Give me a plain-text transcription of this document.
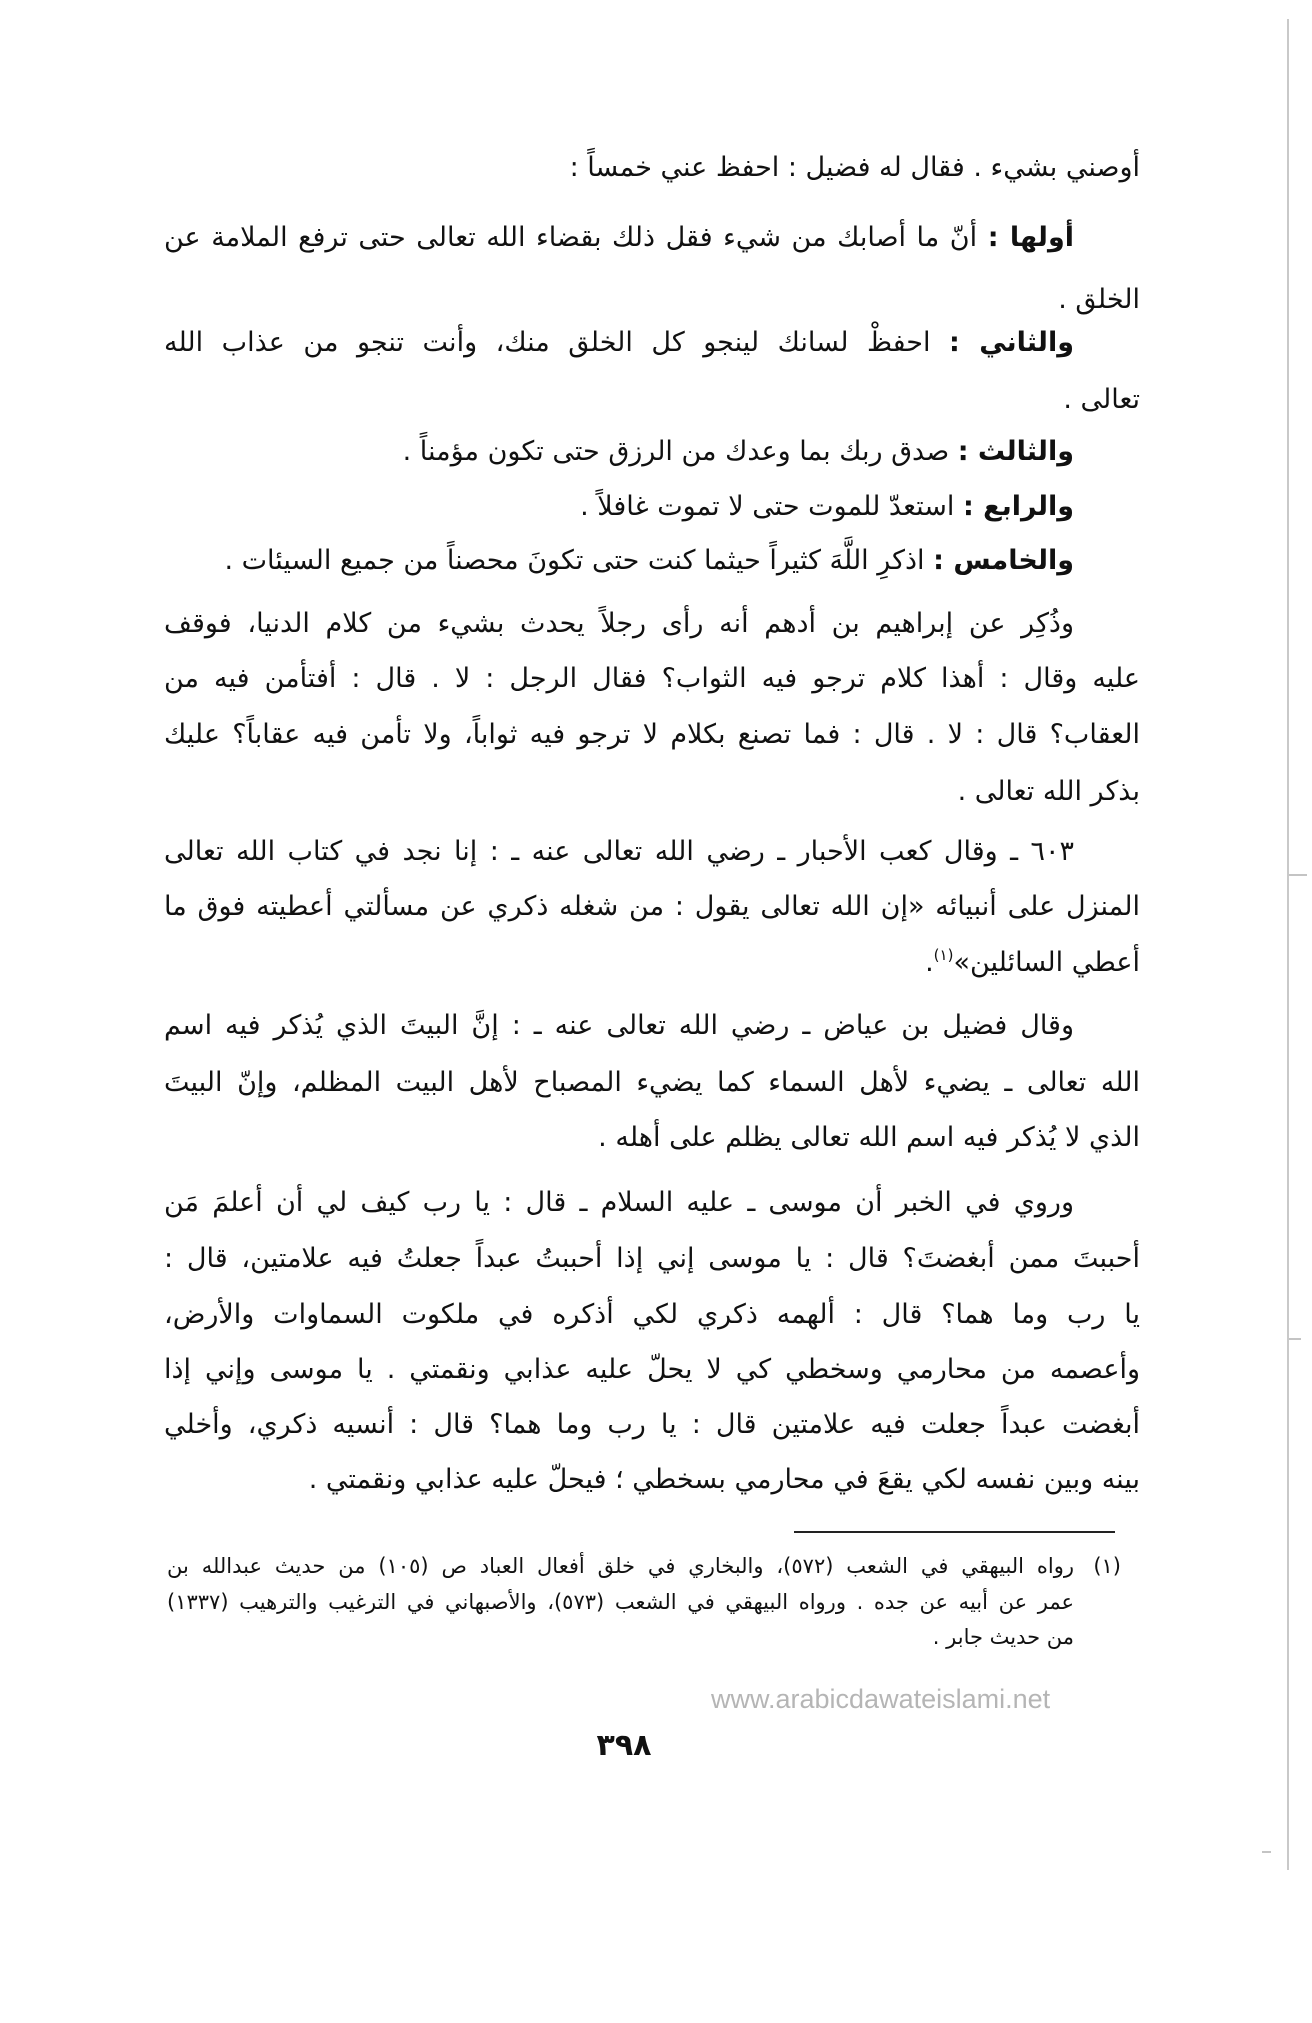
أوصني بشيء . فقال له فضيل : احفظ عني خمساً :
أولها : أنّ ما أصابك من شيء فقل ذلك بقضاء الله تعالى حتى ترفع الملامة عن
الخلق .
والثاني : احفظْ لسانك لينجو كل الخلق منك، وأنت تنجو من عذاب الله
تعالى .
والثالث : صدق ربك بما وعدك من الرزق حتى تكون مؤمناً .
والرابع : استعدّ للموت حتى لا تموت غافلاً .
والخامس : اذكرِ اللَّهَ كثيراً حيثما كنت حتى تكونَ محصناً من جميع السيئات .
وذُكِر عن إبراهيم بن أدهم أنه رأى رجلاً يحدث بشيء من كلام الدنيا، فوقف
عليه وقال : أهذا كلام ترجو فيه الثواب؟ فقال الرجل : لا . قال : أفتأمن فيه من
العقاب؟ قال : لا . قال : فما تصنع بكلام لا ترجو فيه ثواباً، ولا تأمن فيه عقاباً؟ عليك
بذكر الله تعالى .
٦٠٣ ـ وقال كعب الأحبار ـ رضي الله تعالى عنه ـ : إنا نجد في كتاب الله تعالى
المنزل على أنبيائه «إن الله تعالى يقول : من شغله ذكري عن مسألتي أعطيته فوق ما
أعطي السائلين»$^{(١)}$.
وقال فضيل بن عياض ـ رضي الله تعالى عنه ـ : إنَّ البيتَ الذي يُذكر فيه اسم
الله تعالى ـ يضيء لأهل السماء كما يضيء المصباح لأهل البيت المظلم، وإنّ البيتَ
الذي لا يُذكر فيه اسم الله تعالى يظلم على أهله .
وروي في الخبر أن موسى ـ عليه السلام ـ قال : يا رب كيف لي أن أعلمَ مَن
أحببتَ ممن أبغضتَ؟ قال : يا موسى إني إذا أحببتُ عبداً جعلتُ فيه علامتين، قال :
يا رب وما هما؟ قال : ألهمه ذكري لكي أذكره في ملكوت السماوات والأرض،
وأعصمه من محارمي وسخطي كي لا يحلّ عليه عذابي ونقمتي . يا موسى وإني إذا
أبغضت عبداً جعلت فيه علامتين قال : يا رب وما هما؟ قال : أنسيه ذكري، وأخلي
بينه وبين نفسه لكي يقعَ في محارمي بسخطي ؛ فيحلّ عليه عذابي ونقمتي .
(١)
رواه البيهقي في الشعب (٥٧٢)، والبخاري في خلق أفعال العباد ص (١٠٥) من حديث عبدالله بن
عمر عن أبيه عن جده . ورواه البيهقي في الشعب (٥٧٣)، والأصبهاني في الترغيب والترهيب (١٣٣٧)
من حديث جابر .
www.arabicdawateislami.net
٣٩٨
